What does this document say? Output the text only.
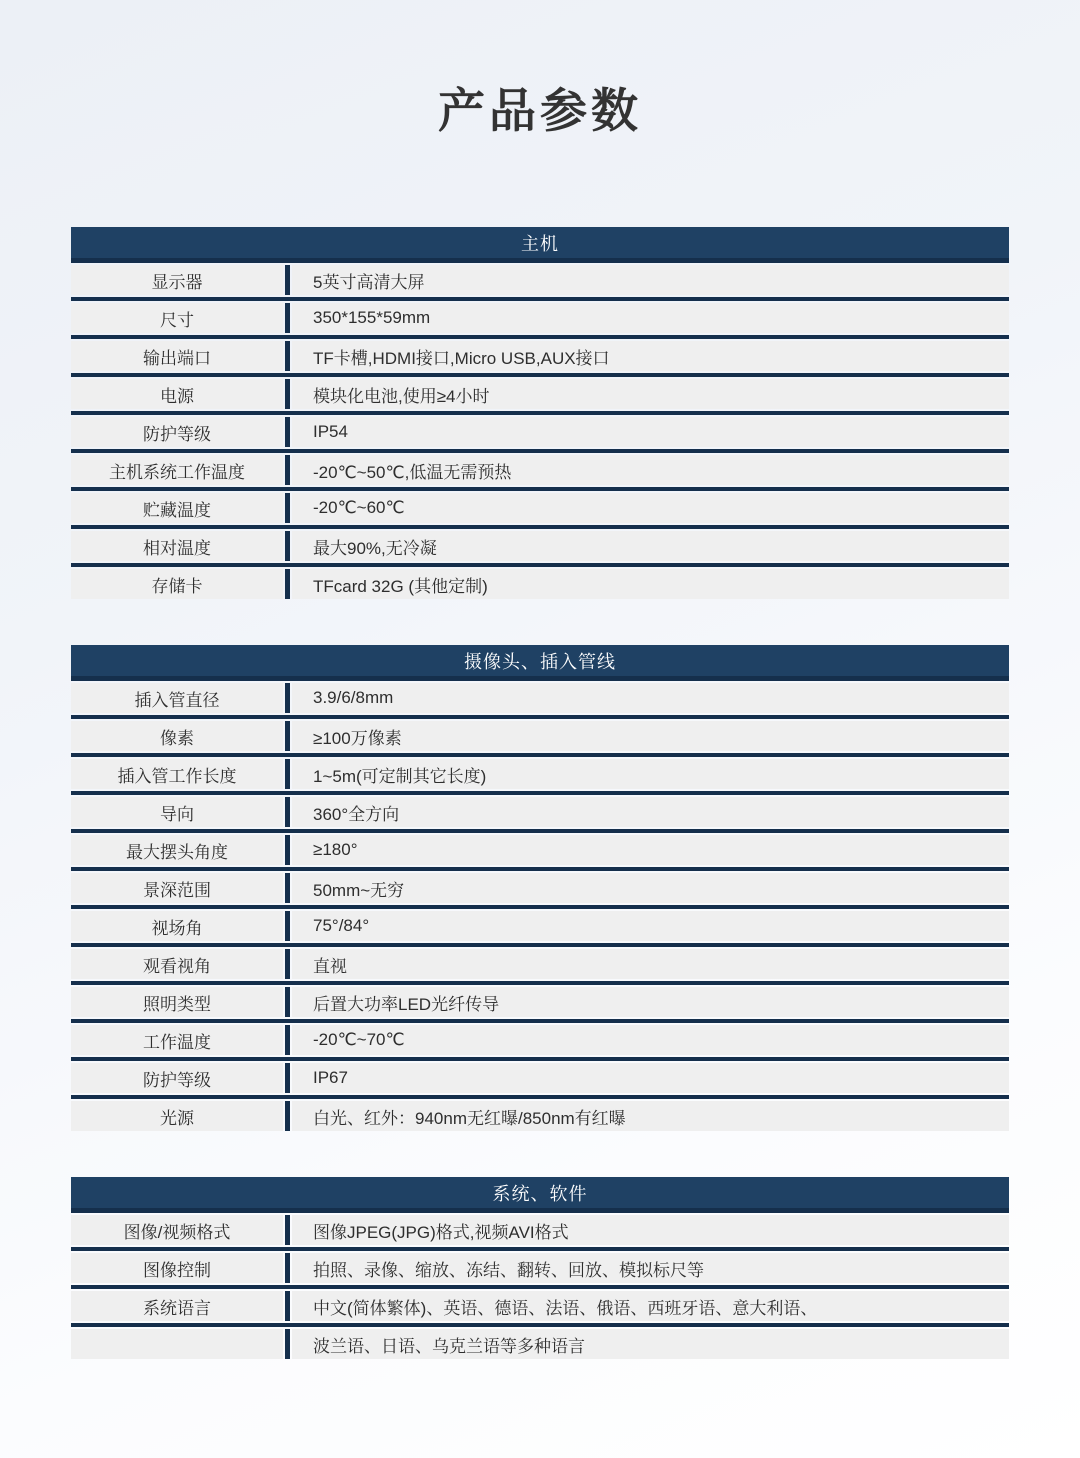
产品参数
主机
显示器	5英寸高清大屏
尺寸	350*155*59mm
输出端口	TF卡槽,HDMI接口,Micro USB,AUX接口
电源	模块化电池,使用≥4小时
防护等级	IP54
主机系统工作温度	-20℃~50℃,低温无需预热
贮藏温度	-20℃~60℃
相对温度	最大90%,无冷凝
存储卡	TFcard 32G (其他定制)
摄像头、插入管线
插入管直径	3.9/6/8mm
像素	≥100万像素
插入管工作长度	1~5m(可定制其它长度)
导向	360°全方向
最大摆头角度	≥180°
景深范围	50mm~无穷
视场角	75°/84°
观看视角	直视
照明类型	后置大功率LED光纤传导
工作温度	-20℃~70℃
防护等级	IP67
光源	白光、红外：940nm无红曝/850nm有红曝
系统、软件
图像/视频格式	图像JPEG(JPG)格式,视频AVI格式
图像控制	拍照、录像、缩放、冻结、翻转、回放、模拟标尺等
系统语言	中文(简体繁体)、英语、德语、法语、俄语、西班牙语、意大利语、
波兰语、日语、乌克兰语等多种语言
